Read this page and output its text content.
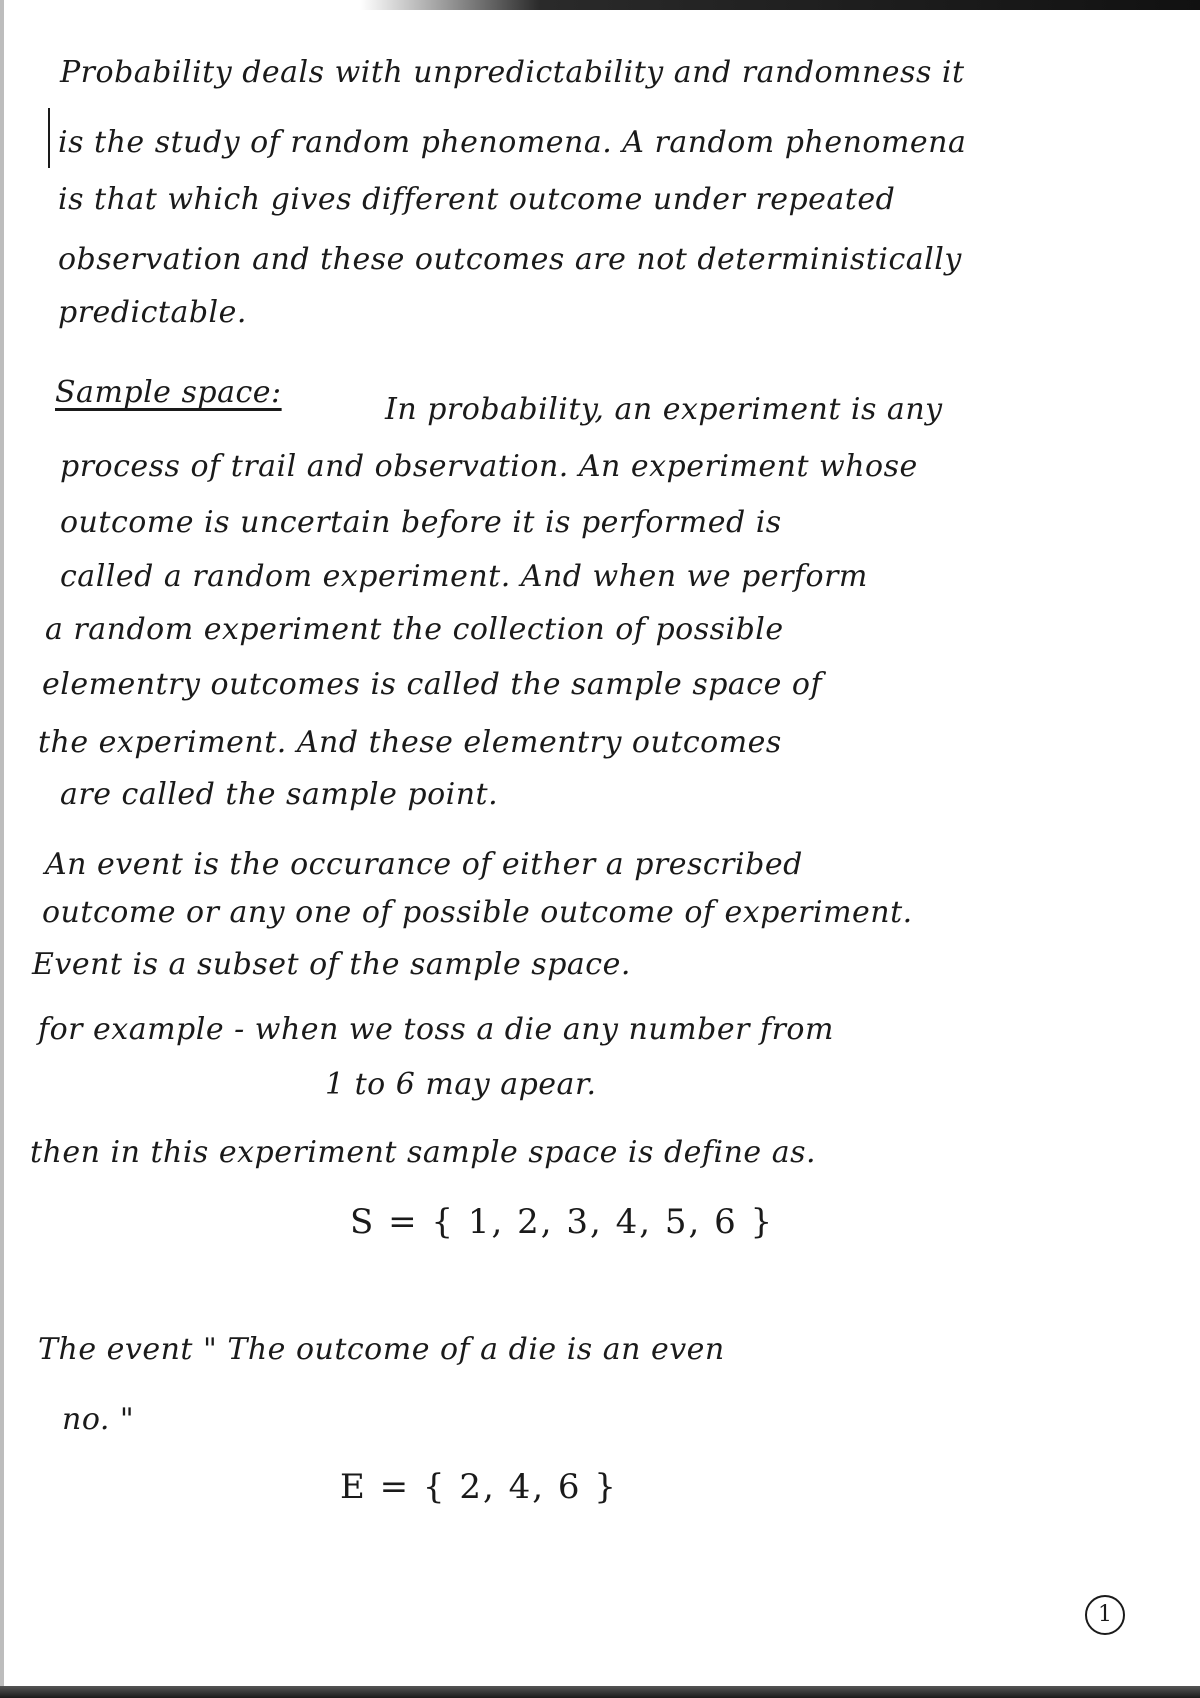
Probability deals with unpredictability and randomness it
is the study of random phenomena. A random phenomena
is that which gives different outcome under repeated
observation and these outcomes are not deterministically
predictable.
Sample space:	In probability, an experiment is any
process of trail and observation. An experiment whose
outcome is uncertain before it is performed is
called a random experiment. And when we perform
a random experiment the collection of possible
elementry outcomes is called the sample space of
the experiment. And these elementry outcomes
are called the sample point.
An event is the occurance of either a prescribed
outcome or any one of possible outcome of experiment.
Event is a subset of the sample space.
for example - when we toss a die any number from
1 to 6 may apear.
then in this experiment sample space is define as.
S = { 1, 2, 3, 4, 5, 6 }
The event " The outcome of a die is an even
no. "
E = { 2, 4, 6 }
1
